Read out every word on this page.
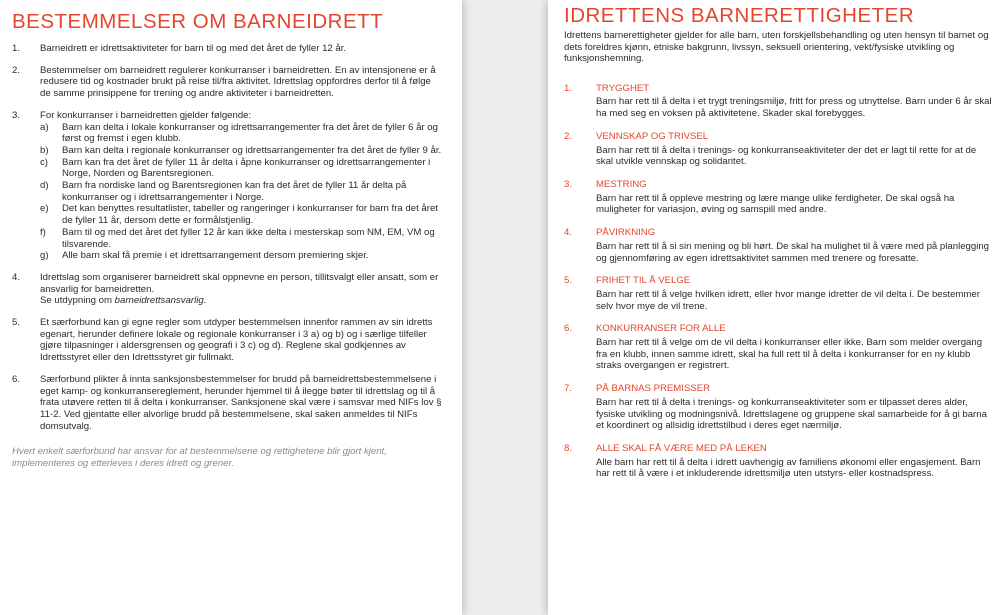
BESTEMMELSER OM BARNEIDRETT
1.	Barneidrett er idrettsaktiviteter for barn til og med det året de fyller 12 år.
2.	Bestemmelser om barneidrett regulerer konkurranser i barneidretten. En av intensjonene er å redusere tid og kostnader brukt på reise til/fra aktivitet. Idrettslag oppfordres derfor til å følge de samme prinsippene for trening og andre aktiviteter i barneidretten.
3.	For konkurranser i barneidretten gjelder følgende:
a)	Barn kan delta i lokale konkurranser og idrettsarrangementer fra det året de fyller 6 år og først og fremst i egen klubb.
b)	Barn kan delta i regionale konkurranser og idrettsarrangementer fra det året de fyller 9 år.
c)	Barn kan fra det året de fyller 11 år delta i åpne konkurranser og idrettsarrangementer i Norge, Norden og Barentsregionen.
d)	Barn fra nordiske land og Barentsregionen kan fra det året de fyller 11 år delta på konkurranser og i idrettsarrangementer i Norge.
e)	Det kan benyttes resultatlister, tabeller og rangeringer i konkurranser for barn fra det året de fyller 11 år, dersom dette er formålstjenlig.
f)	Barn til og med det året det fyller 12 år kan ikke delta i mesterskap som NM, EM, VM og tilsvarende.
g)	Alle barn skal få premie i et idrettsarrangement dersom premiering skjer.
4.	Idrettslag som organiserer barneidrett skal oppnevne en person, tillitsvalgt eller ansatt, som er ansvarlig for barneidretten.
Se utdypning om barneidrettsansvarlig.
5.	Et særforbund kan gi egne regler som utdyper bestemmelsen innenfor rammen av sin idretts egenart, herunder definere lokale og regionale konkurranser i 3 a) og b) og i særlige tilfeller gjøre tilpasninger i aldersgrensen og geografi i 3 c) og d). Reglene skal godkjennes av Idrettsstyret eller den Idrettsstyret gir fullmakt.
6.	Særforbund plikter å innta sanksjonsbestemmelser for brudd på barneidrettsbestemmelsene i eget kamp- og konkurransereglement, herunder hjemmel til å ilegge bøter til idrettslag og til å frata utøvere retten til å delta i konkurranser. Sanksjonene skal være i samsvar med NIFs lov § 11-2. Ved gjentatte eller alvorlige brudd på bestemmelsene, skal saken anmeldes til NIFs domsutvalg.
Hvert enkelt særforbund har ansvar for at bestemmelsene og rettighetene blir gjort kjent, implementeres og etterleves i deres idrett og grener.
IDRETTENS BARNERETTIGHETER
Idrettens barnerettigheter gjelder for alle barn, uten forskjellsbehandling og uten hensyn til barnet og dets foreldres kjønn, etniske bakgrunn, livssyn, seksuell orientering, vekt/fysiske utvikling og funksjonshemning.
1.	TRYGGHET
Barn har rett til å delta i et trygt treningsmiljø, fritt for press og utnyttelse. Barn under 6 år skal ha med seg en voksen på aktivitetene. Skader skal forebygges.
2.	VENNSKAP OG TRIVSEL
Barn har rett til å delta i trenings- og konkurranseaktiviteter der det er lagt til rette for at de skal utvikle vennskap og solidaritet.
3.	MESTRING
Barn har rett til å oppleve mestring og lære mange ulike ferdigheter. De skal også ha muligheter for variasjon, øving og samspill med andre.
4.	PÅVIRKNING
Barn har rett til å si sin mening og bli hørt. De skal ha mulighet til å være med på planlegging og gjennomføring av egen idrettsaktivitet sammen med trenere og foresatte.
5.	FRIHET TIL Å VELGE
Barn har rett til å velge hvilken idrett, eller hvor mange idretter de vil delta i. De bestemmer selv hvor mye de vil trene.
6.	KONKURRANSER FOR ALLE
Barn har rett til å velge om de vil delta i konkurranser eller ikke. Barn som melder overgang fra en klubb, innen samme idrett, skal ha full rett til å delta i konkurranser for en ny klubb straks overgangen er registrert.
7.	PÅ BARNAS PREMISSER
Barn har rett til å delta i trenings- og konkurranseaktiviteter som er tilpasset deres alder, fysiske utvikling og modningsnivå. Idrettslagene og gruppene skal samarbeide for å gi barna et koordinert og allsidig idrettstilbud i deres eget nærmiljø.
8.	ALLE SKAL FÅ VÆRE MED PÅ LEKEN
Alle barn har rett til å delta i idrett uavhengig av familiens økonomi eller engasjement. Barn har rett til å være i et inkluderende idrettsmiljø uten utstyrs- eller kostnadspress.
